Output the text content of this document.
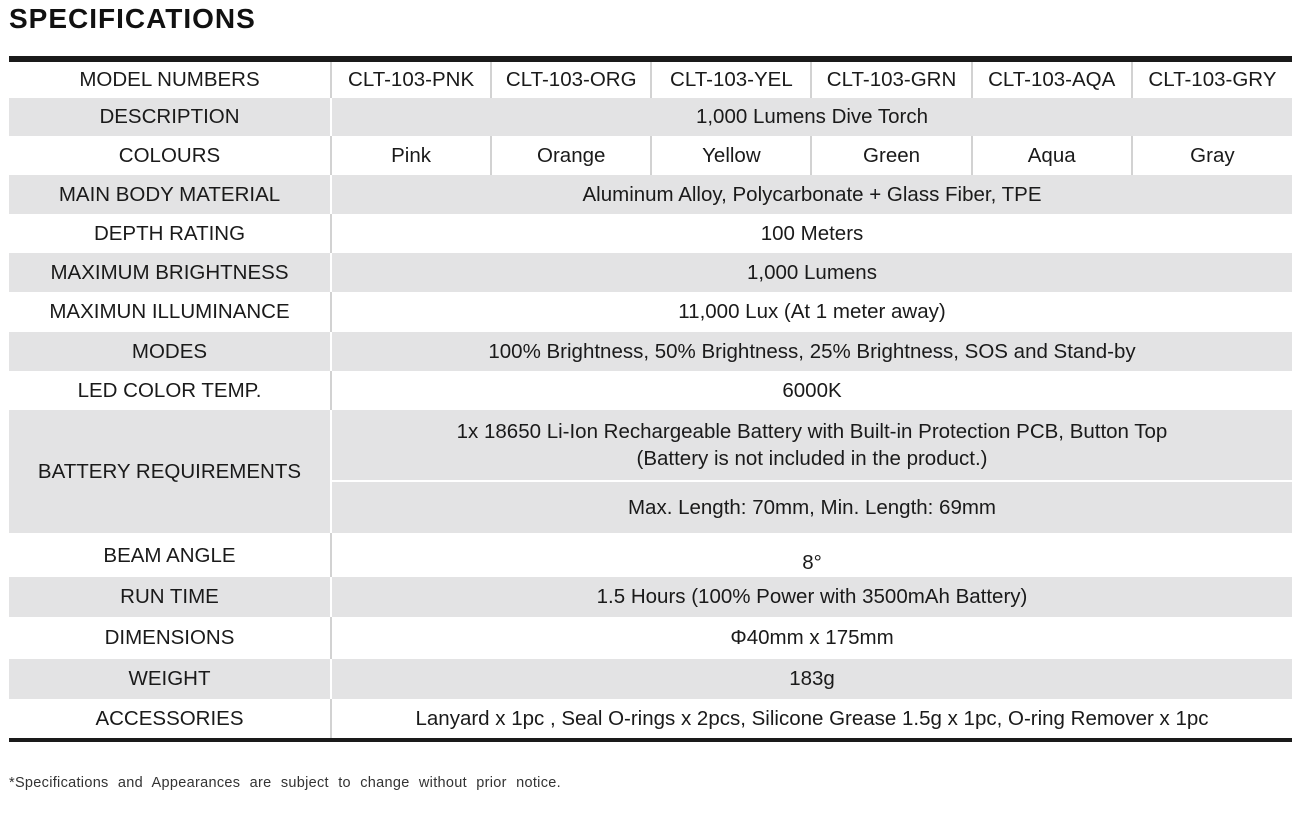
SPECIFICATIONS
MODEL NUMBERS	CLT-103-PNK	CLT-103-ORG	CLT-103-YEL	CLT-103-GRN	CLT-103-AQA	CLT-103-GRY
DESCRIPTION	1,000 Lumens Dive Torch					
COLOURS	Pink	Orange	Yellow	Green	Aqua	Gray
MAIN BODY MATERIAL	Aluminum Alloy, Polycarbonate + Glass Fiber, TPE					
DEPTH RATING	100 Meters					
MAXIMUM BRIGHTNESS	1,000 Lumens					
MAXIMUN ILLUMINANCE	11,000 Lux (At 1 meter away)					
MODES	100% Brightness, 50% Brightness, 25% Brightness, SOS and Stand-by					
LED COLOR TEMP.	6000K					
BATTERY REQUIREMENTS	1x 18650 Li-Ion Rechargeable Battery with Built-in Protection PCB, Button Top
(Battery is not included in the product.)					

	Max. Length: 70mm, Min. Length: 69mm					
BEAM ANGLE	8°					
RUN TIME	1.5 Hours (100% Power with 3500mAh Battery)					
DIMENSIONS	Φ40mm x 175mm					
WEIGHT	183g					
ACCESSORIES	Lanyard x 1pc , Seal O-rings x 2pcs, Silicone Grease 1.5g x 1pc, O-ring Remover x 1pc					
*Specifications and Appearances are subject to change without prior notice.
